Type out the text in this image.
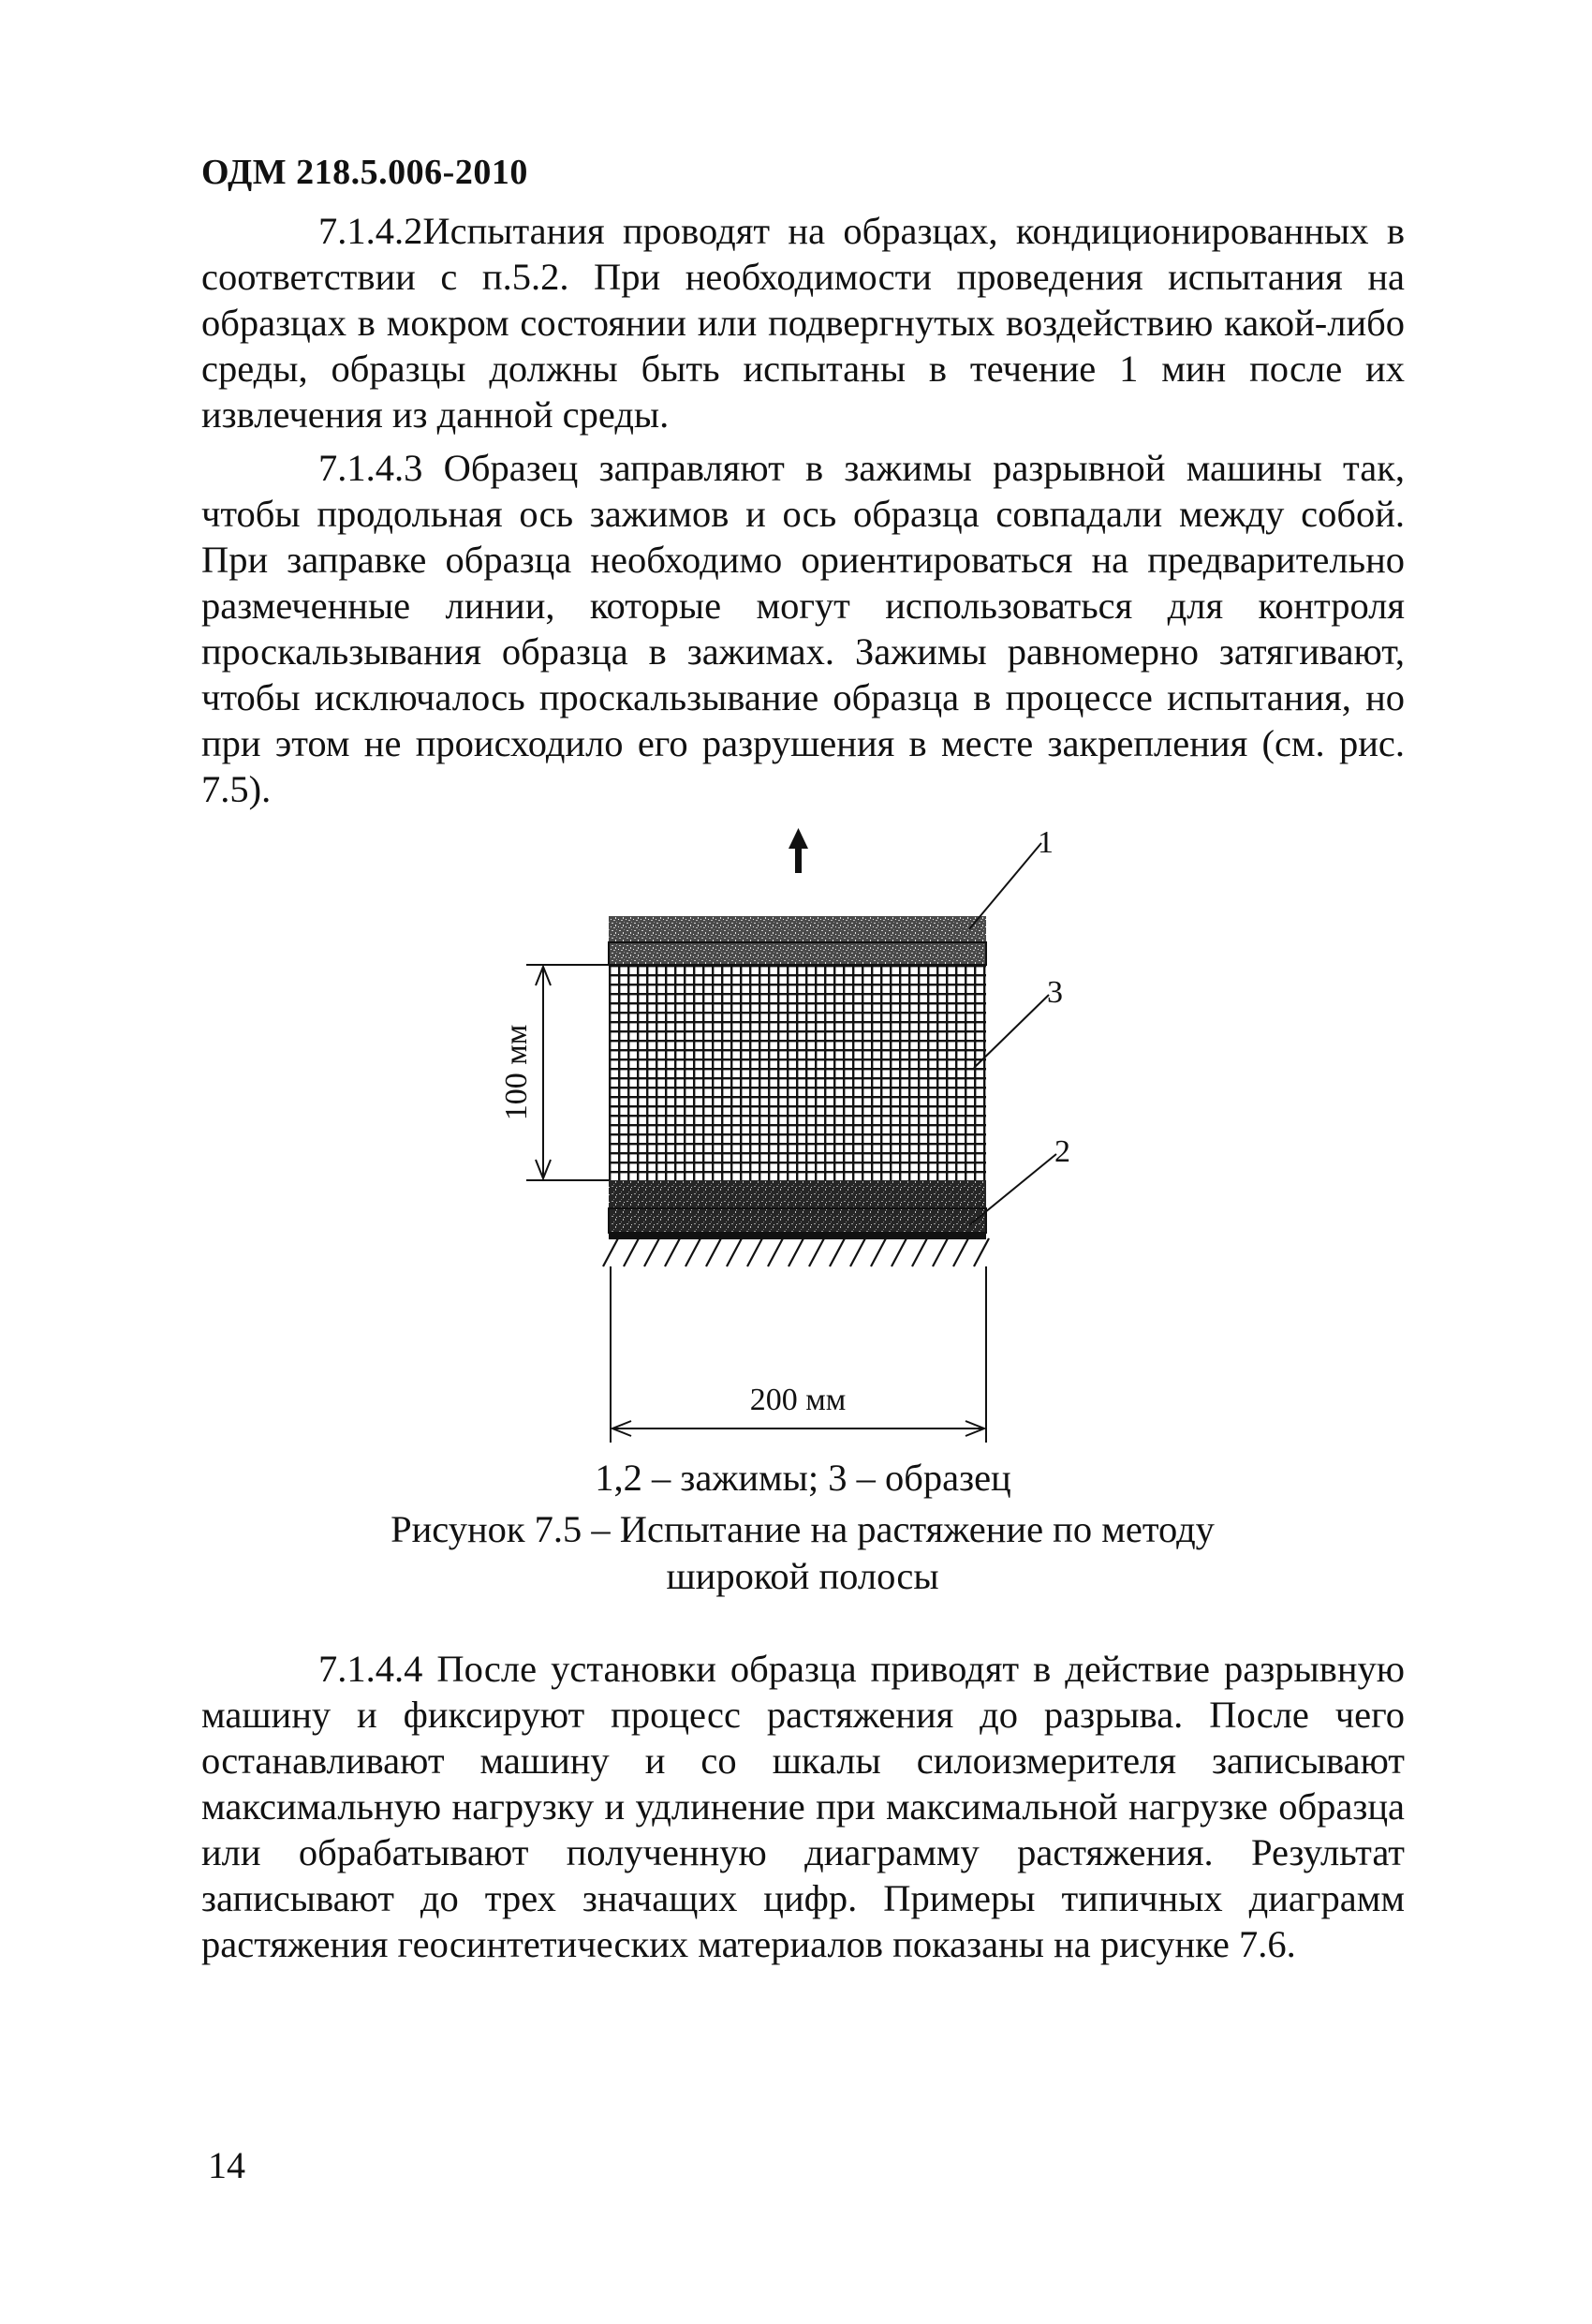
ОДМ 218.5.006-2010

7.1.4.2Испытания проводят на образцах, кондиционированных в соответствии с п.5.2. При необходимости проведения испытания на образцах в мокром состоянии или подвергнутых воздействию какой-либо среды, образцы должны быть испытаны в течение 1 мин после их извлечения из данной среды.

7.1.4.3 Образец заправляют в зажимы разрывной машины так, чтобы продольная ось зажимов и ось образца совпадали между собой. При заправке образца необходимо ориентироваться на предварительно размеченные линии, которые могут использоваться для контроля проскальзывания образца в зажимах. Зажимы равномерно затягивают, чтобы исключалось проскальзывание образца в процессе испытания, но при этом не происходило его разрушения в месте закрепления (см. рис. 7.5).

100 мм
200 мм
1
3
2
1,2 – зажимы; 3 – образец
Рисунок 7.5 – Испытание на растяжение по методу широкой полосы

7.1.4.4 После установки образца приводят в действие разрывную машину и фиксируют процесс растяжения до разрыва. После чего останавливают машину и со шкалы силоизмерителя записывают максимальную нагрузку и удлинение при максимальной нагрузке образца или обрабатывают полученную диаграмму растяжения. Результат записывают до трех значащих цифр. Примеры типичных диаграмм растяжения геосинтетических материалов показаны на рисунке 7.6.

14
